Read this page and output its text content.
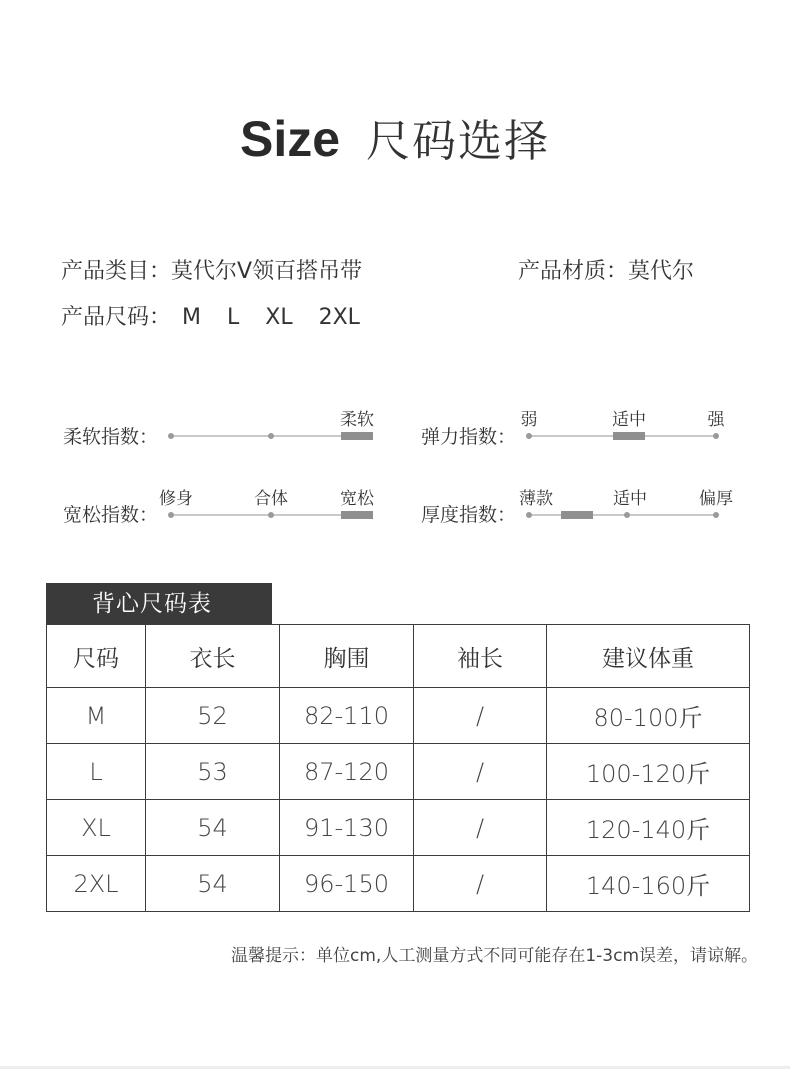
Size 尺码选择
产品类目：莫代尔V领百搭吊带	产品材质：莫代尔
产品尺码： M L XL 2XL
柔软指数：
柔软
弹力指数：
弱	适中	强
宽松指数：
修身	合体	宽松
厚度指数：
薄款	适中	偏厚
背心尺码表
尺码	衣长	胸围	袖长	建议体重
M	52	82-110	/	80-100斤
L	53	87-120	/	100-120斤
XL	54	91-130	/	120-140斤
2XL	54	96-150	/	140-160斤
温馨提示：单位cm,人工测量方式不同可能存在1-3cm误差，请谅解。
